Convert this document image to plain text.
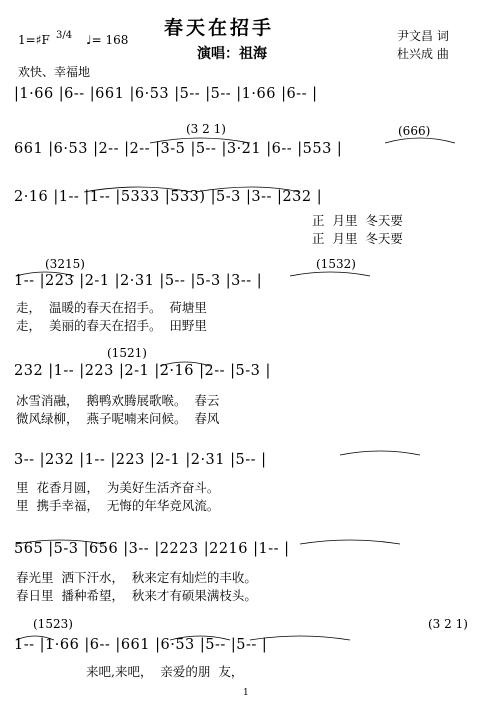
1=♯F 3/4 ♩= 168
春天在招手
演唱：祖海
尹文昌 词
杜兴成 曲
欢快、幸福地
|1·66 |6-- |661 |6·53 |5-- |5-- |1·66 |6-- |
(3 2 1)	(666)
661 |6·53 |2-- |2-- |3-5 |5-- |3·21 |6-- |553 |
2·16 |1-- |1-- |5333 |533) |5-3 |3-- |232 |
正  月里  冬天要
正  月里  冬天要
(3215)	(1532)
1-- |223 |2-1 |2·31 |5-- |5-3 |3-- |
走，  温暖的春天在招手。  荷塘里
走，  美丽的春天在招手。  田野里
(1521)
232 |1-- |223 |2-1 |2·16 |2-- |5-3 |
冰雪消融，  鹅鸭欢腾展歌喉。  春云
微风绿柳，  燕子呢喃来问候。  春风
3-- |232 |1-- |223 |2-1 |2·31 |5-- |
里  花香月圆，  为美好生活齐奋斗。
里  携手幸福，  无悔的年华竞风流。
565 |5-3 |656 |3-- |2223 |2216 |1-- |
春光里  洒下汗水，  秋来定有灿烂的丰收。
春日里  播种希望，  秋来才有硕果满枝头。
(1523)	(3 2 1)
1-- |1·66 |6-- |661 |6·53 |5-- |5-- |
来吧,来吧，  亲爱的朋  友，
1
